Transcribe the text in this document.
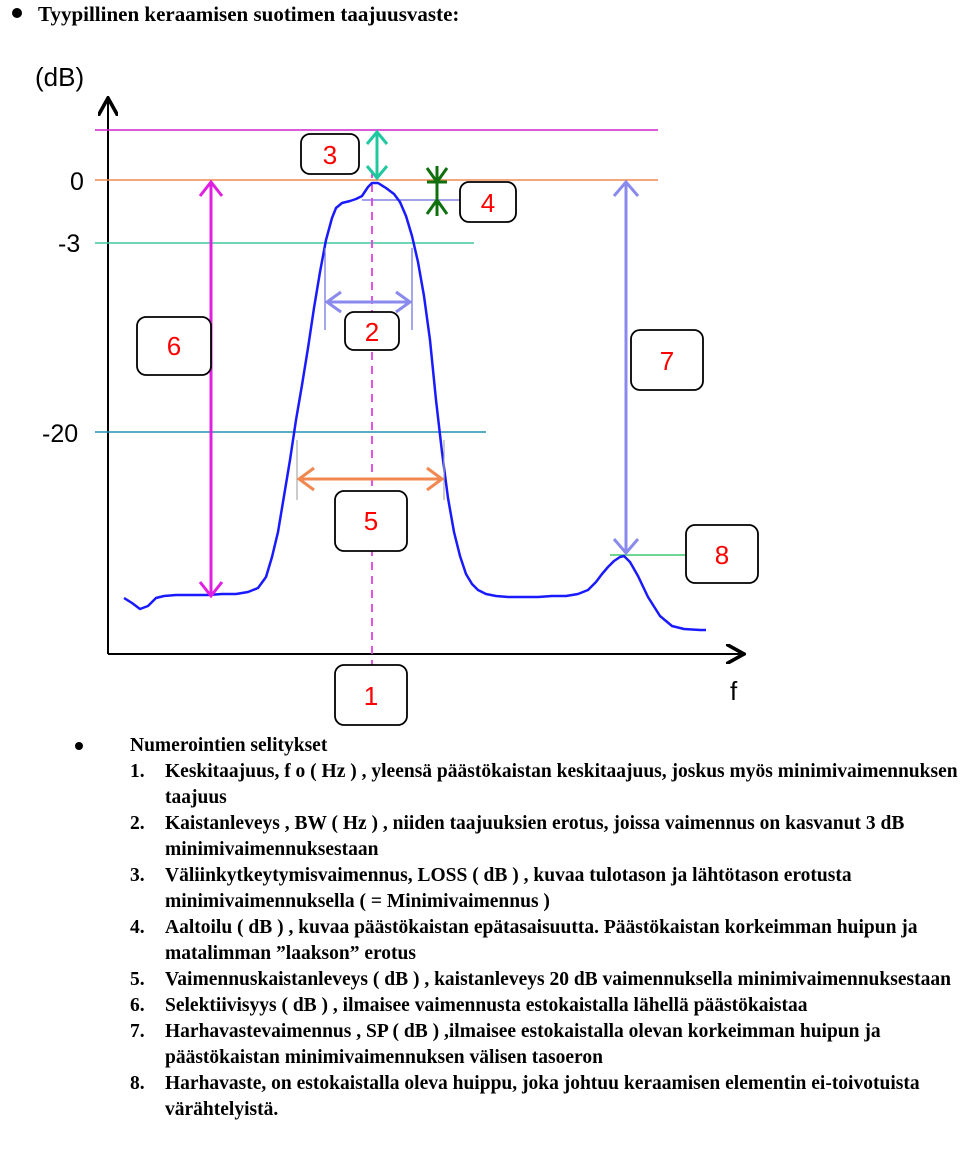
Tyypillinen keraamisen suotimen taajuusvaste:
(dB)
f
0
-3
-20
3
4
2
6	7
5
8
1

Numerointien selitykset

1. Keskitaajuus, f o ( Hz ) , yleensä päästökaistan keskitaajuus, joskus myös minimivaimennuksen taajuus
2. Kaistanleveys , BW ( Hz ) , niiden taajuuksien erotus, joissa vaimennus on kasvanut 3 dB minimivaimennuksestaan
3. Väliinkytkeytymisvaimennus, LOSS ( dB ) , kuvaa tulotason ja lähtötason erotusta minimivaimennuksella ( = Minimivaimennus )
4. Aaltoilu ( dB ) , kuvaa päästökaistan epätasaisuutta. Päästökaistan korkeimman huipun ja matalimman ”laakson” erotus
5. Vaimennuskaistanleveys ( dB ) , kaistanleveys 20 dB vaimennuksella minimivaimennuksestaan
6. Selektiivisyys ( dB ) , ilmaisee vaimennusta estokaistalla lähellä päästökaistaa
7. Harhavastevaimennus , SP ( dB ) ,ilmaisee estokaistalla olevan korkeimman huipun ja päästökaistan minimivaimennuksen välisen tasoeron
8. Harhavaste, on estokaistalla oleva huippu, joka johtuu keraamisen elementin ei-toivotuista värähtelyistä.
